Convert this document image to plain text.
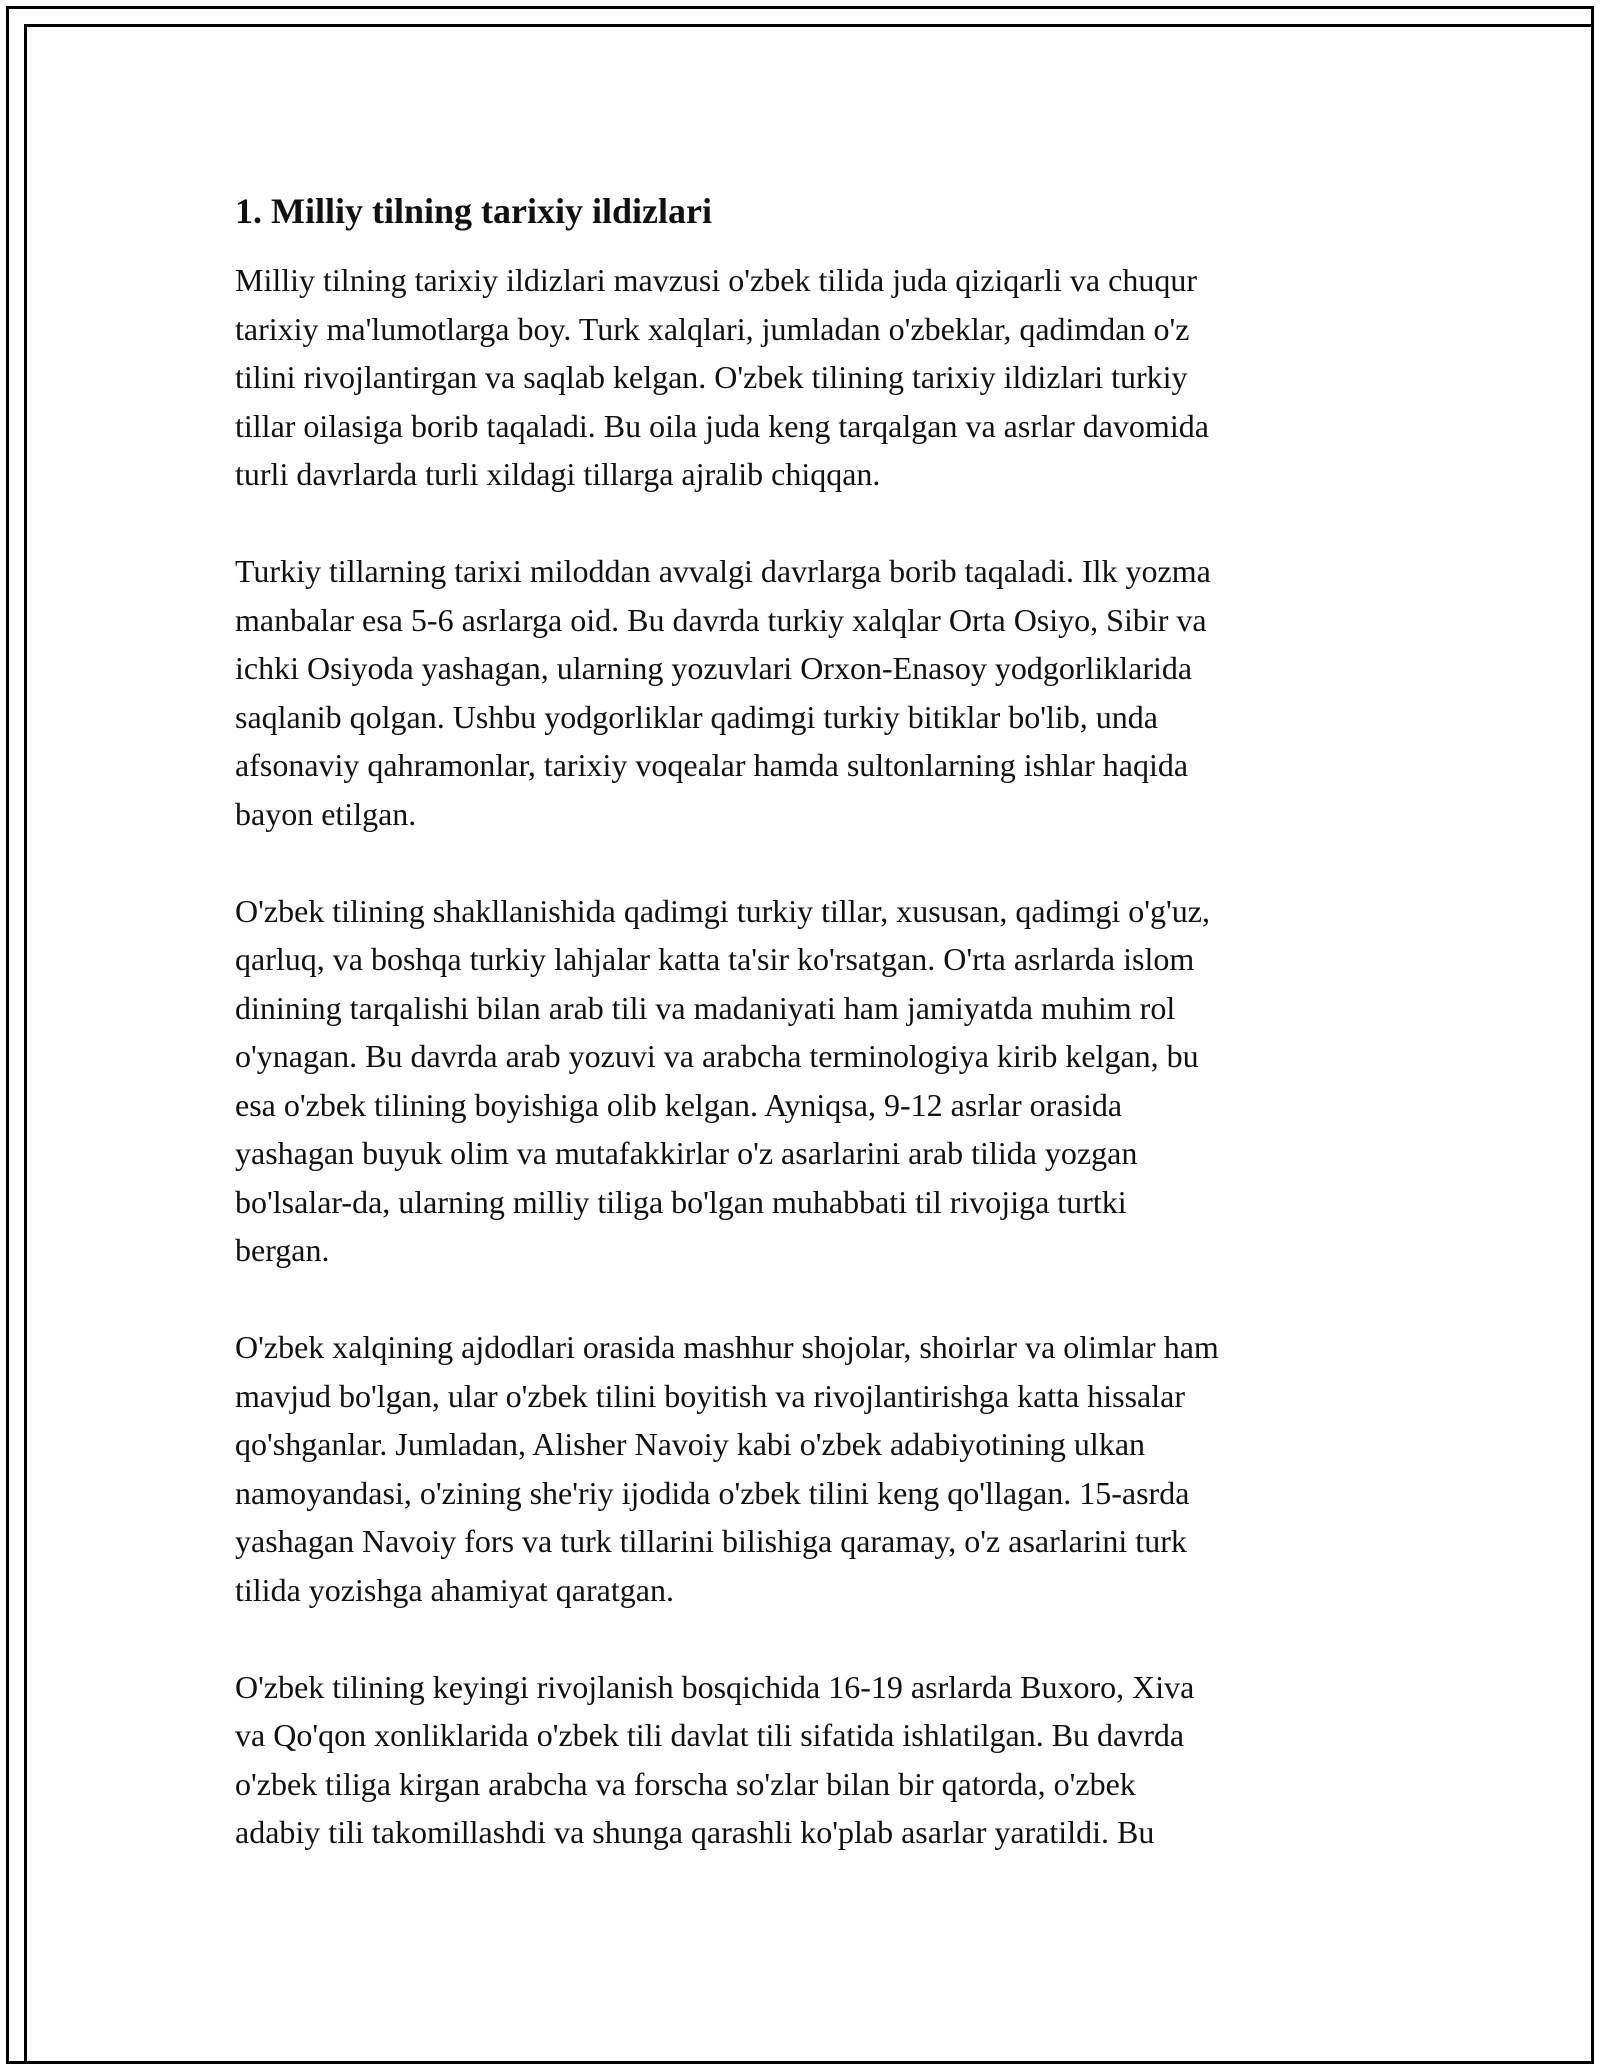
1. Milliy tilning tarixiy ildizlari
Milliy tilning tarixiy ildizlari mavzusi o'zbek tilida juda qiziqarli va chuqur
tarixiy ma'lumotlarga boy. Turk xalqlari, jumladan o'zbeklar, qadimdan o'z
tilini rivojlantirgan va saqlab kelgan. O'zbek tilining tarixiy ildizlari turkiy
tillar oilasiga borib taqaladi. Bu oila juda keng tarqalgan va asrlar davomida
turli davrlarda turli xildagi tillarga ajralib chiqqan.
Turkiy tillarning tarixi miloddan avvalgi davrlarga borib taqaladi. Ilk yozma
manbalar esa 5-6 asrlarga oid. Bu davrda turkiy xalqlar Orta Osiyo, Sibir va
ichki Osiyoda yashagan, ularning yozuvlari Orxon-Enasoy yodgorliklarida
saqlanib qolgan. Ushbu yodgorliklar qadimgi turkiy bitiklar bo'lib, unda
afsonaviy qahramonlar, tarixiy voqealar hamda sultonlarning ishlar haqida
bayon etilgan.
O'zbek tilining shakllanishida qadimgi turkiy tillar, xususan, qadimgi o'g'uz,
qarluq, va boshqa turkiy lahjalar katta ta'sir ko'rsatgan. O'rta asrlarda islom
dinining tarqalishi bilan arab tili va madaniyati ham jamiyatda muhim rol
o'ynagan. Bu davrda arab yozuvi va arabcha terminologiya kirib kelgan, bu
esa o'zbek tilining boyishiga olib kelgan. Ayniqsa, 9-12 asrlar orasida
yashagan buyuk olim va mutafakkirlar o'z asarlarini arab tilida yozgan
bo'lsalar-da, ularning milliy tiliga bo'lgan muhabbati til rivojiga turtki
bergan.
O'zbek xalqining ajdodlari orasida mashhur shojolar, shoirlar va olimlar ham
mavjud bo'lgan, ular o'zbek tilini boyitish va rivojlantirishga katta hissalar
qo'shganlar. Jumladan, Alisher Navoiy kabi o'zbek adabiyotining ulkan
namoyandasi, o'zining she'riy ijodida o'zbek tilini keng qo'llagan. 15-asrda
yashagan Navoiy fors va turk tillarini bilishiga qaramay, o'z asarlarini turk
tilida yozishga ahamiyat qaratgan.
O'zbek tilining keyingi rivojlanish bosqichida 16-19 asrlarda Buxoro, Xiva
va Qo'qon xonliklarida o'zbek tili davlat tili sifatida ishlatilgan. Bu davrda
o'zbek tiliga kirgan arabcha va forscha so'zlar bilan bir qatorda, o'zbek
adabiy tili takomillashdi va shunga qarashli ko'plab asarlar yaratildi. Bu
